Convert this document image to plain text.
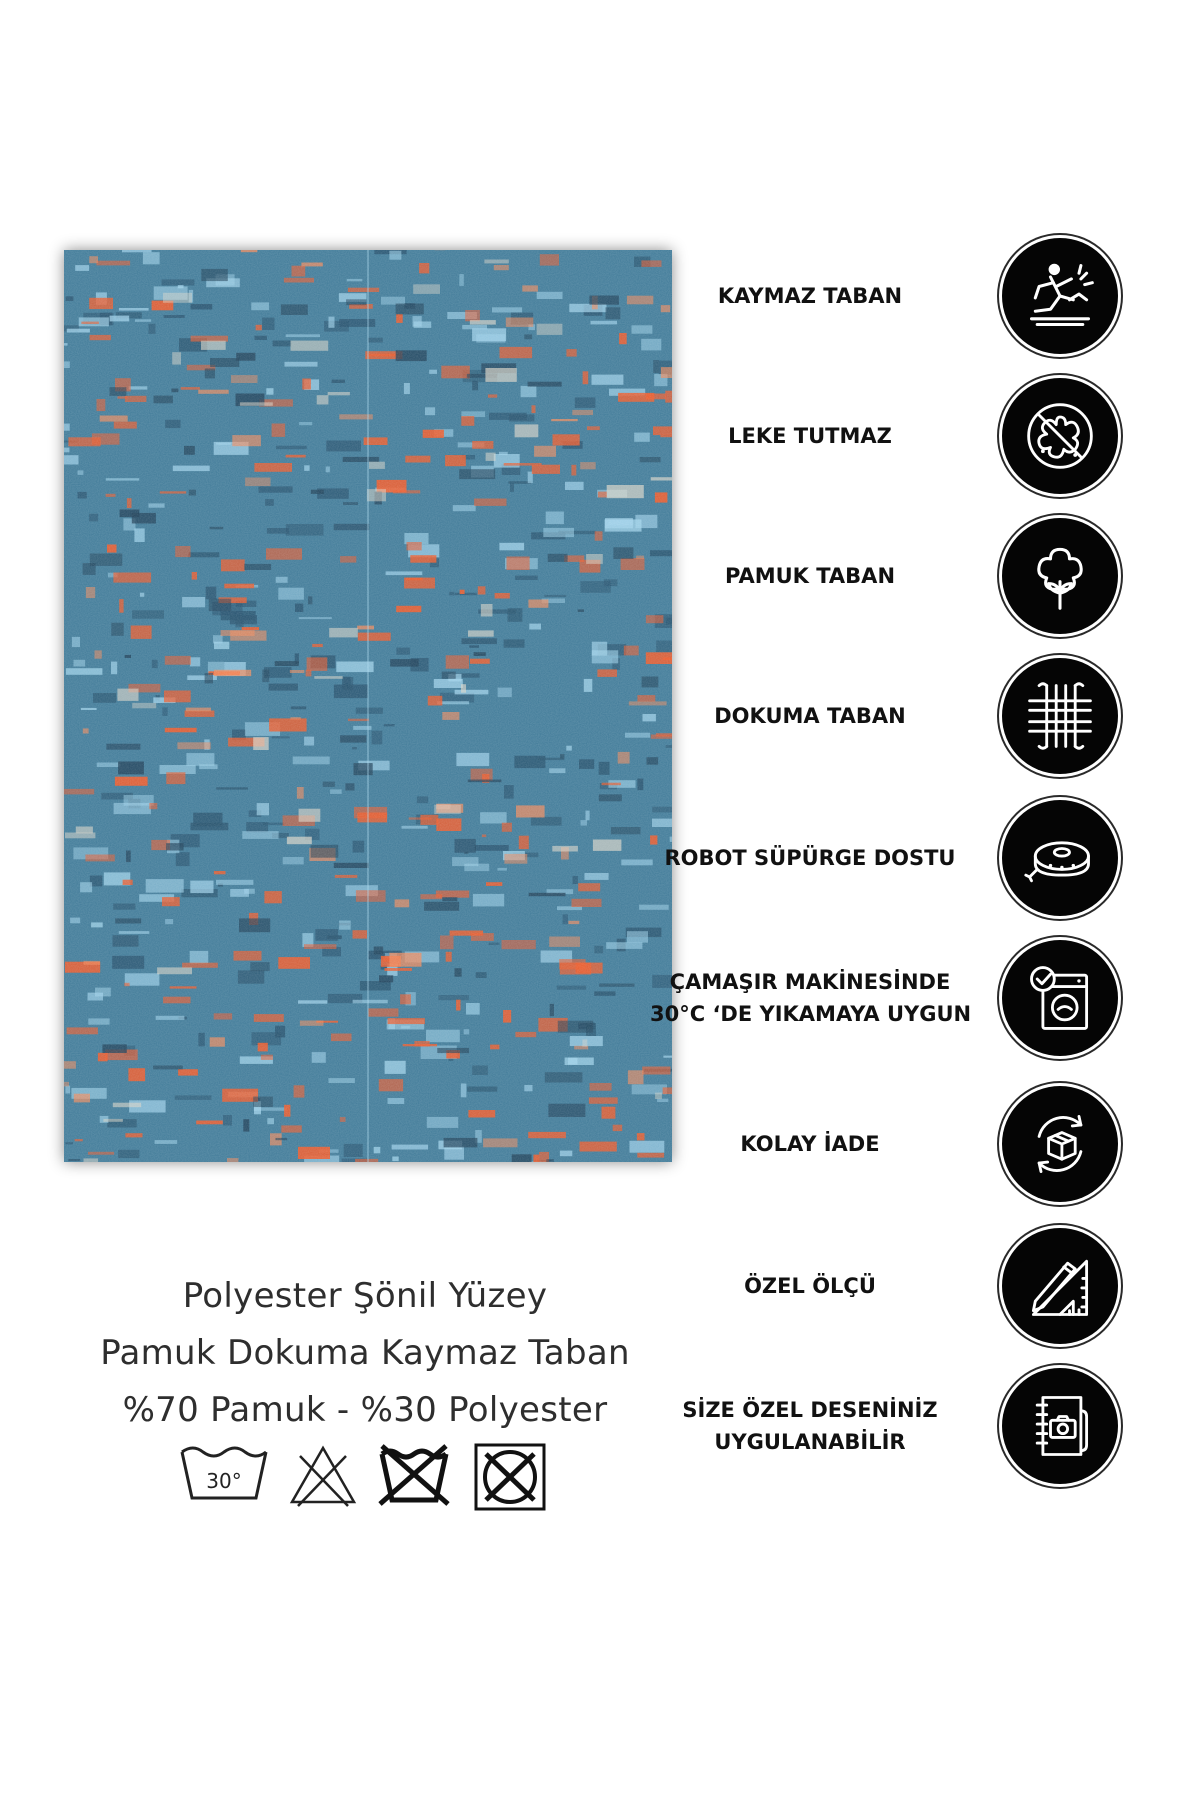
Polyester Şönil Yüzey
Pamuk Dokuma Kaymaz Taban
%70 Pamuk - %30 Polyester
30°
KAYMAZ TABAN
LEKE TUTMAZ
PAMUK TABAN
DOKUMA TABAN
ROBOT SÜPÜRGE DOSTU
ÇAMAŞIR MAKİNESİNDE
30°C ‘DE YIKAMAYA UYGUN
KOLAY İADE
ÖZEL ÖLÇÜ
SİZE ÖZEL DESENİNİZ
UYGULANABİLİR
